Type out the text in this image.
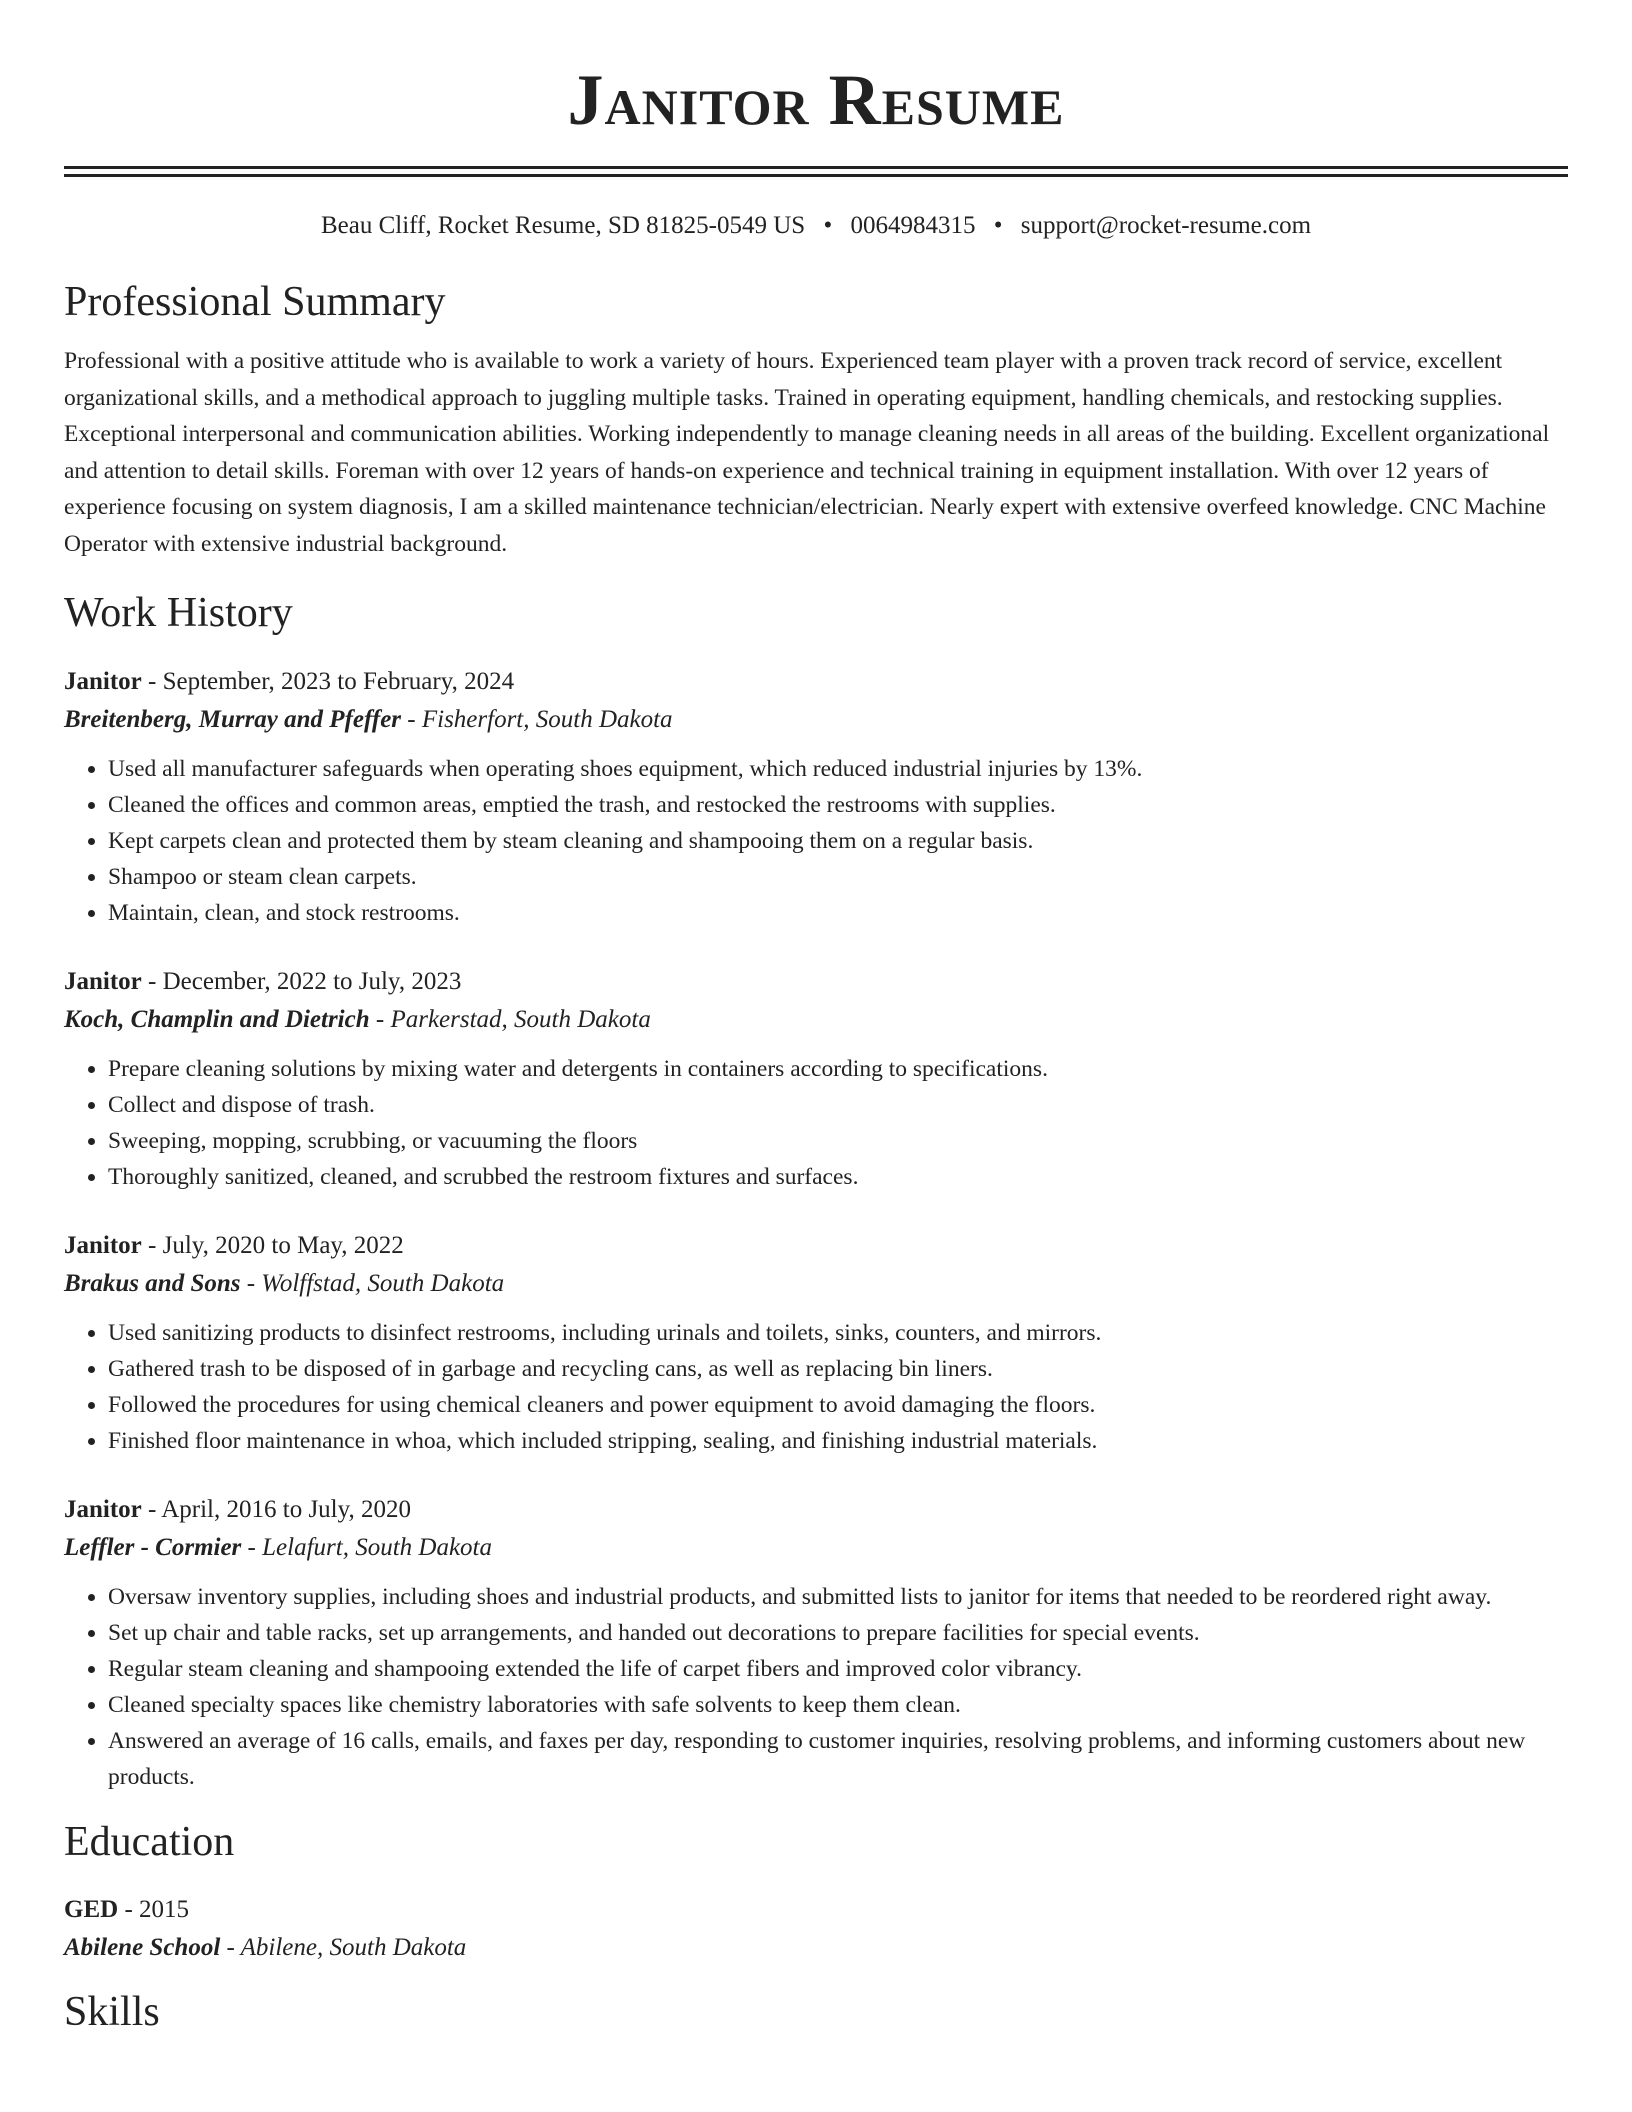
Janitor Resume
Beau Cliff, Rocket Resume, SD 81825-0549 US • 0064984315 • support@rocket-resume.com
Professional Summary

Professional with a positive attitude who is available to work a variety of hours. Experienced team player with a proven track record of service, excellent organizational skills, and a methodical approach to juggling multiple tasks. Trained in operating equipment, handling chemicals, and restocking supplies. Exceptional interpersonal and communication abilities. Working independently to manage cleaning needs in all areas of the building. Excellent organizational and attention to detail skills. Foreman with over 12 years of hands-on experience and technical training in equipment installation. With over 12 years of experience focusing on system diagnosis, I am a skilled maintenance technician/electrician. Nearly expert with extensive overfeed knowledge. CNC Machine Operator with extensive industrial background.

Work History
Janitor - September, 2023 to February, 2024
Breitenberg, Murray and Pfeffer - Fisherfort, South Dakota
• Used all manufacturer safeguards when operating shoes equipment, which reduced industrial injuries by 13%.
• Cleaned the offices and common areas, emptied the trash, and restocked the restrooms with supplies.
• Kept carpets clean and protected them by steam cleaning and shampooing them on a regular basis.
• Shampoo or steam clean carpets.
• Maintain, clean, and stock restrooms.
Janitor - December, 2022 to July, 2023
Koch, Champlin and Dietrich - Parkerstad, South Dakota
• Prepare cleaning solutions by mixing water and detergents in containers according to specifications.
• Collect and dispose of trash.
• Sweeping, mopping, scrubbing, or vacuuming the floors
• Thoroughly sanitized, cleaned, and scrubbed the restroom fixtures and surfaces.
Janitor - July, 2020 to May, 2022
Brakus and Sons - Wolffstad, South Dakota
• Used sanitizing products to disinfect restrooms, including urinals and toilets, sinks, counters, and mirrors.
• Gathered trash to be disposed of in garbage and recycling cans, as well as replacing bin liners.
• Followed the procedures for using chemical cleaners and power equipment to avoid damaging the floors.
• Finished floor maintenance in whoa, which included stripping, sealing, and finishing industrial materials.
Janitor - April, 2016 to July, 2020
Leffler - Cormier - Lelafurt, South Dakota
• Oversaw inventory supplies, including shoes and industrial products, and submitted lists to janitor for items that needed to be reordered right away.
• Set up chair and table racks, set up arrangements, and handed out decorations to prepare facilities for special events.
• Regular steam cleaning and shampooing extended the life of carpet fibers and improved color vibrancy.
• Cleaned specialty spaces like chemistry laboratories with safe solvents to keep them clean.
• Answered an average of 16 calls, emails, and faxes per day, responding to customer inquiries, resolving problems, and informing customers about new products.
Education
GED - 2015
Abilene School - Abilene, South Dakota
Skills
